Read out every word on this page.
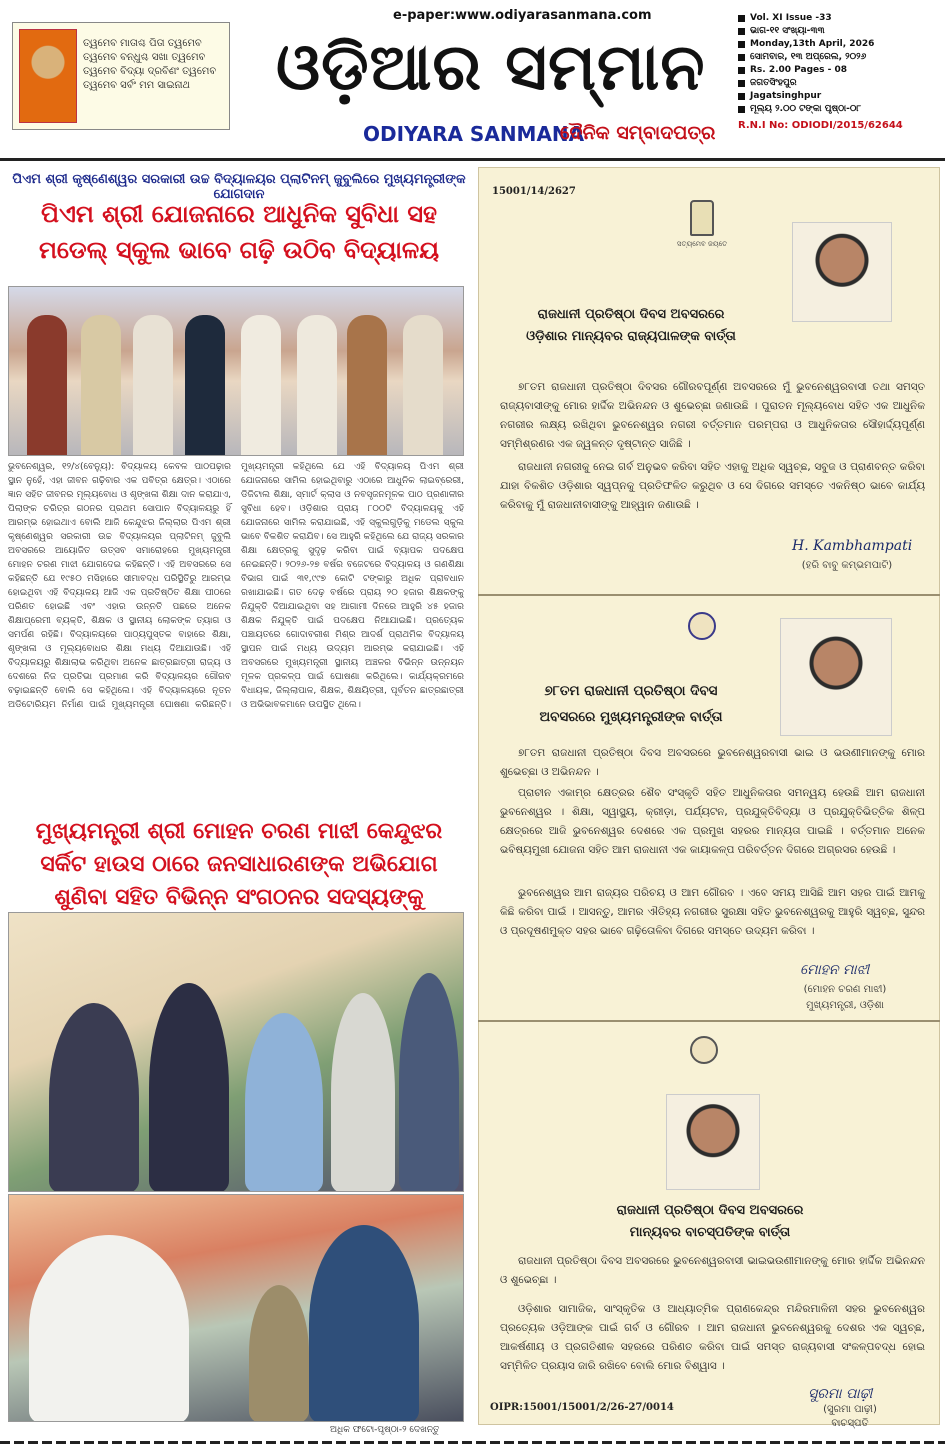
ତ୍ୱମେବ ମାତାଶ୍ଚ ପିତା ତ୍ୱମେବ
ତ୍ୱମେବ ବନ୍ଧୁଶ୍ଚ ସଖା ତ୍ୱମେବ
ତ୍ୱମେବ ବିଦ୍ୟା ଦ୍ରବିଣଂ ତ୍ୱମେବ
ତ୍ୱମେବ ସର୍ବଂ ମମ ସାଇନାଥ
e-paper:www.odiyarasanmana.com
ଓଡ଼ିଆର ସମ୍ମାନ
ODIYARA SANMANA
ଦୈନିକ ସମ୍ବାଦପତ୍ର
Vol. XI Issue -33
ଭାଗ-୧୧ ସଂଖ୍ୟା-୩୩
Monday,13th April, 2026
ସୋମବାର, ୧୩ ଅପ୍ରେଲ, ୨୦୨୬
Rs. 2.00 Pages - 08
ଜଗତସିଂହପୁର
Jagatsinghpur
ମୂଲ୍ୟ ୨.୦୦ ଟଙ୍କା ପୃଷ୍ଠା-୦୮
R.N.I No: ODIODI/2015/62644
ପିଏମ ଶ୍ରୀ କୃଷ୍ଣେଶ୍ୱର ସରକାରୀ ଉଚ୍ଚ ବିଦ୍ୟାଳୟର ପ୍ଲାଟିନମ୍ ଜୁବୁଲିରେ ମୁଖ୍ୟମନ୍ତ୍ରୀଙ୍କ ଯୋଗଦାନ
ପିଏମ ଶ୍ରୀ ଯୋଜନାରେ ଆଧୁନିକ ସୁବିଧା ସହ
ମଡେଲ୍ ସ୍କୁଲ ଭାବେ ଗଢ଼ି ଉଠିବ ବିଦ୍ୟାଳୟ
ଭୁବନେଶ୍ୱର, ୧୨/୪(ବେନ୍ୟୁ): ବିଦ୍ୟାଳୟ କେବଳ ପାଠପଢ଼ାର ସ୍ଥାନ ନୁହେଁ, ଏହା ଜୀବନ ଗଢ଼ିବାର ଏକ ପବିତ୍ର କ୍ଷେତ୍ର। ଏଠାରେ ଜ୍ଞାନ ସହିତ ଜୀବନର ମୂଲ୍ୟବୋଧ ଓ ଶୃଙ୍ଖଳା ଶିକ୍ଷା ଦାନ କରାଯାଏ, ପିଲାଙ୍କ ଚରିତ୍ର ଗଠନର ପ୍ରଥମ ସୋପାନ ବିଦ୍ୟାଳୟରୁ ହିଁ ଆରମ୍ଭ ହୋଇଥାଏ ବୋଲି ଆଜି କେନ୍ଦୁଝର ଜିଲ୍ଲାର ପିଏମ ଶ୍ରୀ କୃଷ୍ଣେଶ୍ୱର ସରକାରୀ ଉଚ୍ଚ ବିଦ୍ୟାଳୟର ପ୍ଲାଟିନମ୍ ଜୁବୁଲି ଅବସରରେ ଆୟୋଜିତ ଉତ୍ସବ ସମାରୋହରେ ମୁଖ୍ୟମନ୍ତ୍ରୀ ମୋହନ ଚରଣ ମାଝୀ ଯୋଗଦେଇ କହିଛନ୍ତି। ଏହି ଅବସରରେ ସେ କହିଛନ୍ତି ଯେ ୧୯୫୦ ମସିହାରେ ସୀମାବଦ୍ଧ ପରିସ୍ଥିତିରୁ ଆରମ୍ଭ ହୋଇଥିବା ଏହି ବିଦ୍ୟାଳୟ ଆଜି ଏକ ପ୍ରତିଷ୍ଠିତ ଶିକ୍ଷା ପୀଠରେ ପରିଣତ ହୋଇଛି ଏବଂ ଏହାର ଉନ୍ନତି ପଛରେ ଅନେକ ଶିକ୍ଷାପ୍ରେମୀ ବ୍ୟକ୍ତି, ଶିକ୍ଷକ ଓ ସ୍ଥାନୀୟ ଲୋକଙ୍କ ତ୍ୟାଗ ଓ ସମର୍ପଣ ରହିଛି। ବିଦ୍ୟାଳୟରେ ପାଠ୍ୟପୁସ୍ତକ ବାହାରେ ଶିକ୍ଷା, ଶୃଙ୍ଖଳା ଓ ମୂଲ୍ୟବୋଧର ଶିକ୍ଷା ମଧ୍ୟ ଦିଆଯାଉଛି। ଏହି ବିଦ୍ୟାଳୟରୁ ଶିକ୍ଷାଲାଭ କରିଥିବା ଅନେକ ଛାତ୍ରଛାତ୍ରୀ ରାଜ୍ୟ ଓ ଦେଶରେ ନିଜ ପ୍ରତିଭା ପ୍ରମାଣ କରି ବିଦ୍ୟାଳୟର ଗୌରବ ବଢ଼ାଇଛନ୍ତି ବୋଲି ସେ କହିଥିଲେ। ଏହି ବିଦ୍ୟାଳୟରେ ନୂତନ ଅଡିଟୋରିୟମ ନିର୍ମାଣ ପାଇଁ ମୁଖ୍ୟମନ୍ତ୍ରୀ ଘୋଷଣା କରିଛନ୍ତି। ମୁଖ୍ୟମନ୍ତ୍ରୀ କହିଥିଲେ ଯେ ଏହି ବିଦ୍ୟାଳୟ ପିଏମ ଶ୍ରୀ ଯୋଜନାରେ ସାମିଲ ହୋଇଥିବାରୁ ଏଠାରେ ଆଧୁନିକ ଲାଇବ୍ରେରୀ, ଡିଜିଟାଲ ଶିକ୍ଷା, ସ୍ମାର୍ଟ କ୍ଲାସ ଓ ନବସୃଜନମୂଳକ ପାଠ ପ୍ରଣାଳୀର ସୁବିଧା ହେବ। ଓଡ଼ିଶାର ପ୍ରାୟ ୮୦୦ଟି ବିଦ୍ୟାଳୟକୁ ଏହି ଯୋଜନାରେ ସାମିଲ କରାଯାଇଛି, ଏହି ସ୍କୁଲଗୁଡ଼ିକୁ ମଡେଲ ସ୍କୁଲ ଭାବେ ବିକଶିତ କରାଯିବ। ସେ ଆହୁରି କହିଥିଲେ ଯେ ରାଜ୍ୟ ସରକାର ଶିକ୍ଷା କ୍ଷେତ୍ରକୁ ସୁଦୃଢ଼ କରିବା ପାଇଁ ବ୍ୟାପକ ପଦକ୍ଷେପ ନେଇଛନ୍ତି। ୨୦୨୬-୨୭ ବର୍ଷର ବଜେଟରେ ବିଦ୍ୟାଳୟ ଓ ଗଣଶିକ୍ଷା ବିଭାଗ ପାଇଁ ୩୧,୯୯୭ କୋଟି ଟଙ୍କାରୁ ଅଧିକ ପ୍ରାବଧାନ ରଖାଯାଇଛି। ଗତ ଦେଢ଼ ବର୍ଷରେ ପ୍ରାୟ ୨୦ ହଜାର ଶିକ୍ଷକଙ୍କୁ ନିଯୁକ୍ତି ଦିଆଯାଇଥିବା ସହ ଆଗାମୀ ଦିନରେ ଆହୁରି ୪୫ ହଜାର ଶିକ୍ଷକ ନିଯୁକ୍ତି ପାଇଁ ପଦକ୍ଷେପ ନିଆଯାଇଛି। ପ୍ରତ୍ୟେକ ପଞ୍ଚାୟତରେ ଗୋଦାବରୀଶ ମିଶ୍ର ଆଦର୍ଶ ପ୍ରାଥମିକ ବିଦ୍ୟାଳୟ ସ୍ଥାପନ ପାଇଁ ମଧ୍ୟ ଉଦ୍ୟମ ଆରମ୍ଭ କରାଯାଇଛି। ଏହି ଅବସରରେ ମୁଖ୍ୟମନ୍ତ୍ରୀ ସ୍ଥାନୀୟ ଅଞ୍ଚଳର ବିଭିନ୍ନ ଉନ୍ନୟନ ମୂଳକ ପ୍ରକଳ୍ପ ପାଇଁ ଘୋଷଣା କରିଥିଲେ। କାର୍ଯ୍ୟକ୍ରମରେ ବିଧାୟକ, ଜିଲ୍ଲାପାଳ, ଶିକ୍ଷକ, ଶିକ୍ଷୟିତ୍ରୀ, ପୂର୍ବତନ ଛାତ୍ରଛାତ୍ରୀ ଓ ଅଭିଭାବକମାନେ ଉପସ୍ଥିତ ଥିଲେ।
ମୁଖ୍ୟମନ୍ତ୍ରୀ ଶ୍ରୀ ମୋହନ ଚରଣ ମାଝୀ କେନ୍ଦୁଝର
ସର୍କିଟ ହାଉସ ଠାରେ ଜନସାଧାରଣଙ୍କ ଅଭିଯୋଗ
ଶୁଣିବା ସହିତ ବିଭିନ୍ନ ସଂଗଠନର ସଦସ୍ୟଙ୍କୁ
ଅଧିକ ଫଟୋ-ପୃଷ୍ଠା-୨ ଦେଖନ୍ତୁ
15001/14/2627
ସତ୍ୟମେବ ଜୟତେ
ରାଜଧାନୀ ପ୍ରତିଷ୍ଠା ଦିବସ ଅବସରରେ
ଓଡ଼ିଶାର ମାନ୍ୟବର ରାଜ୍ୟପାଳଙ୍କ ବାର୍ତ୍ତା
୭୮ତମ ରାଜଧାନୀ ପ୍ରତିଷ୍ଠା ଦିବସର ଗୌରବପୂର୍ଣ୍ଣ ଅବସରରେ ମୁଁ ଭୁବନେଶ୍ୱରବାସୀ ତଥା ସମସ୍ତ ରାଜ୍ୟବାସୀଙ୍କୁ ମୋର ହାର୍ଦ୍ଦିକ ଅଭିନନ୍ଦନ ଓ ଶୁଭେଚ୍ଛା ଜଣାଉଛି । ପୁରାତନ ମୂଲ୍ୟବୋଧ ସହିତ ଏକ ଆଧୁନିକ ନଗରୀର ଲକ୍ଷ୍ୟ ରଖିଥିବା ଭୁବନେଶ୍ୱର ନଗରୀ ବର୍ତ୍ତମାନ ପରମ୍ପରା ଓ ଆଧୁନିକତାର ସୌହାର୍ଦ୍ଦ୍ୟପୂର୍ଣ୍ଣ ସମ୍ମିଶ୍ରଣର ଏକ ଜ୍ୱଳନ୍ତ ଦୃଷ୍ଟାନ୍ତ ସାଜିଛି ।
ରାଜଧାନୀ ନଗରୀକୁ ନେଇ ଗର୍ବ ଅନୁଭବ କରିବା ସହିତ ଏହାକୁ ଅଧିକ ସ୍ୱଚ୍ଛ, ସବୁଜ ଓ ପ୍ରାଣବନ୍ତ କରିବା ଯାହା ବିକଶିତ ଓଡ଼ିଶାର ସ୍ୱପ୍ନକୁ ପ୍ରତିଫଳିତ କରୁଥିବ ଓ ସେ ଦିଗରେ ସମସ୍ତେ ଏକନିଷ୍ଠ ଭାବେ କାର୍ଯ୍ୟ କରିବାକୁ ମୁଁ ରାଜଧାନୀବାସୀଙ୍କୁ ଆହ୍ୱାନ ଜଣାଉଛି ।
H. Kambhampati
(ହରି ବାବୁ କମ୍ଭମପାଟି)
୭୮ତମ ରାଜଧାନୀ ପ୍ରତିଷ୍ଠା ଦିବସ
ଅବସରରେ ମୁଖ୍ୟମନ୍ତ୍ରୀଙ୍କ ବାର୍ତ୍ତା
୭୮ତମ ରାଜଧାନୀ ପ୍ରତିଷ୍ଠା ଦିବସ ଅବସରରେ ଭୁବନେଶ୍ୱରବାସୀ ଭାଇ ଓ ଭଉଣୀମାନଙ୍କୁ ମୋର ଶୁଭେଚ୍ଛା ଓ ଅଭିନନ୍ଦନ ।
ପ୍ରାଚୀନ ଏକାମ୍ର କ୍ଷେତ୍ରର ଶୈବ ସଂସ୍କୃତି ସହିତ ଆଧୁନିକତାର ସମନ୍ୱୟ ହେଉଛି ଆମ ରାଜଧାନୀ ଭୁବନେଶ୍ୱର । ଶିକ୍ଷା, ସ୍ୱାସ୍ଥ୍ୟ, କ୍ରୀଡ଼ା, ପର୍ଯ୍ୟଟନ, ପ୍ରଯୁକ୍ତିବିଦ୍ୟା ଓ ପ୍ରଯୁକ୍ତିଭିତ୍ତିକ ଶିଳ୍ପ କ୍ଷେତ୍ରରେ ଆଜି ଭୁବନେଶ୍ୱର ଦେଶରେ ଏକ ପ୍ରମୁଖ ସହରର ମାନ୍ୟତା ପାଇଛି । ବର୍ତ୍ତମାନ ଅନେକ ଭବିଷ୍ୟମୁଖୀ ଯୋଜନା ସହିତ ଆମ ରାଜଧାନୀ ଏକ କାୟାକଳ୍ପ ପରିବର୍ତ୍ତନ ଦିଗରେ ଅଗ୍ରସର ହେଉଛି ।
ଭୁବନେଶ୍ୱର ଆମ ରାଜ୍ୟର ପରିଚୟ ଓ ଆମ ଗୌରବ । ଏବେ ସମୟ ଆସିଛି ଆମ ସହର ପାଇଁ ଆମକୁ କିଛି କରିବା ପାଇଁ । ଆସନ୍ତୁ, ଆମର ଐତିହ୍ୟ ନଗରୀର ସୁରକ୍ଷା ସହିତ ଭୁବନେଶ୍ୱରକୁ ଆହୁରି ସ୍ୱଚ୍ଛ, ସୁନ୍ଦର ଓ ପ୍ରଦୂଷଣମୁକ୍ତ ସହର ଭାବେ ଗଢ଼ିତୋଳିବା ଦିଗରେ ସମସ୍ତେ ଉଦ୍ୟମ କରିବା ।
ମୋହନ ମାଝୀ
(ମୋହନ ଚରଣ ମାଝୀ)
ମୁଖ୍ୟମନ୍ତ୍ରୀ, ଓଡ଼ିଶା
ରାଜଧାନୀ ପ୍ରତିଷ୍ଠା ଦିବସ ଅବସରରେ
ମାନ୍ୟବର ବାଚସ୍ପତିଙ୍କ ବାର୍ତ୍ତା
ରାଜଧାନୀ ପ୍ରତିଷ୍ଠା ଦିବସ ଅବସରରେ ଭୁବନେଶ୍ୱରବାସୀ ଭାଇଭଉଣୀମାନଙ୍କୁ ମୋର ହାର୍ଦ୍ଦିକ ଅଭିନନ୍ଦନ ଓ ଶୁଭେଚ୍ଛା ।
ଓଡ଼ିଶାର ସାମାଜିକ, ସାଂସ୍କୃତିକ ଓ ଆଧ୍ୟାତ୍ମିକ ପ୍ରାଣକେନ୍ଦ୍ର ମନ୍ଦିରମାଳିନୀ ସହର ଭୁବନେଶ୍ୱର ପ୍ରତ୍ୟେକ ଓଡ଼ିଆଙ୍କ ପାଇଁ ଗର୍ବ ଓ ଗୌରବ । ଆମ ରାଜଧାନୀ ଭୁବନେଶ୍ୱରକୁ ଦେଶର ଏକ ସ୍ୱଚ୍ଛ, ଆକର୍ଷଣୀୟ ଓ ପ୍ରଗତିଶୀଳ ସହରରେ ପରିଣତ କରିବା ପାଇଁ ସମସ୍ତ ରାଜ୍ୟବାସୀ ସଂକଳ୍ପବଦ୍ଧ ହୋଇ ସମ୍ମିଳିତ ପ୍ରୟାସ ଜାରି ରଖିବେ ବୋଲି ମୋର ବିଶ୍ୱାସ ।
OIPR:15001/15001/2/26-27/0014
ସୁରମା ପାଢ଼ୀ
(ସୁରମା ପାଢ଼ୀ)
ବାଚସ୍ପତି
